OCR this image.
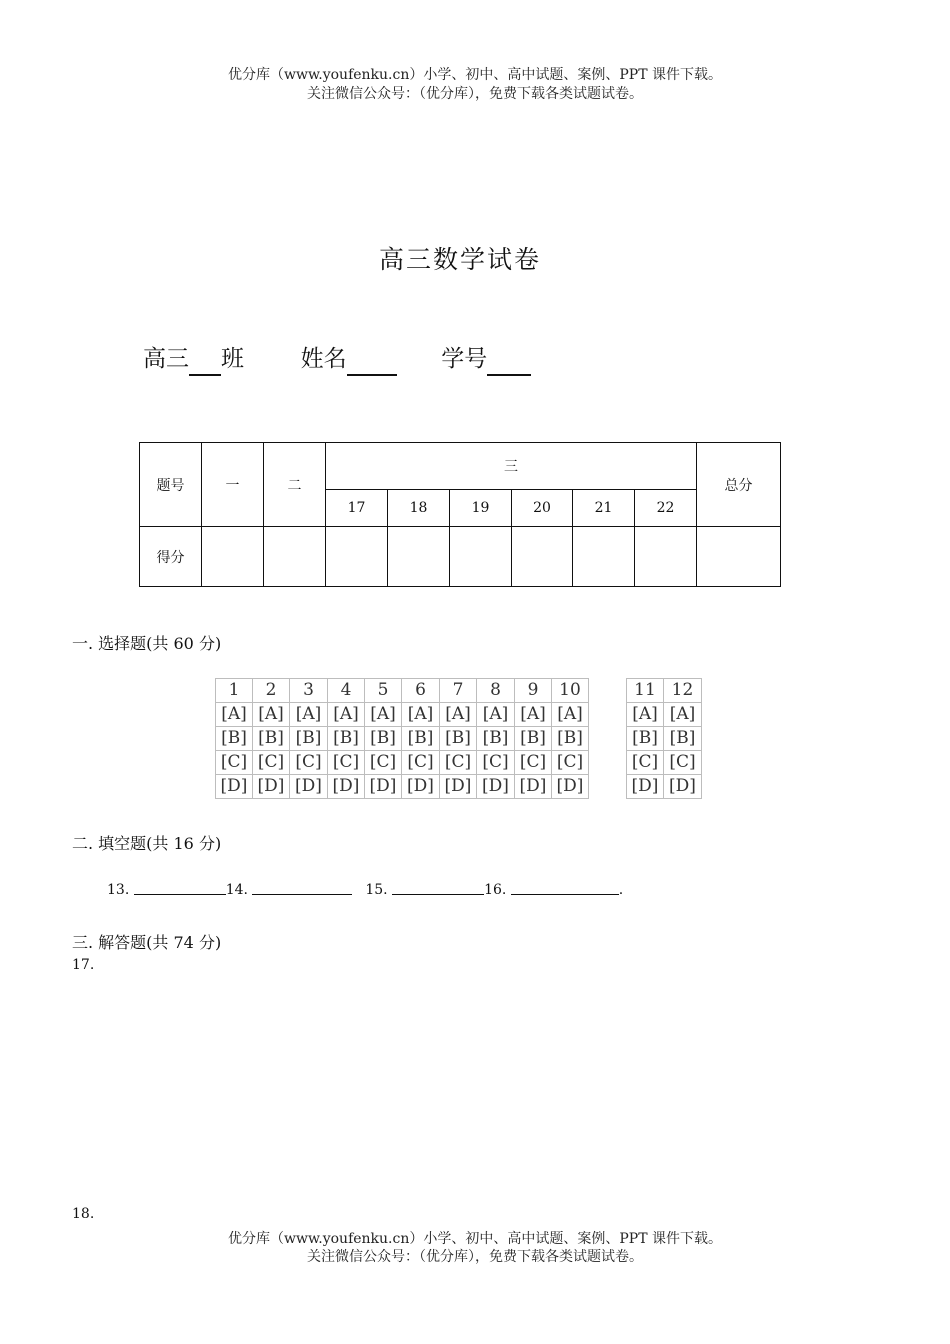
优分库（www.youfenku.cn）小学、初中、高中试题、案例、PPT 课件下载。
关注微信公众号：（优分库），免费下载各类试题试卷。
高三数学试卷
高三 班 姓名	学号
题号	一	二	三						总分
			17	18	19	20	21	22	
得分									
一. 选择题(共 60 分)
1	2	3	4	5	6	7	8	9	10		11	12
[A]	[A]	[A]	[A]	[A]	[A]	[A]	[A]	[A]	[A]		[A]	[A]
[B]	[B]	[B]	[B]	[B]	[B]	[B]	[B]	[B]	[B]		[B]	[B]
[C]	[C]	[C]	[C]	[C]	[C]	[C]	[C]	[C]	[C]		[C]	[C]
[D]	[D]	[D]	[D]	[D]	[D]	[D]	[D]	[D]	[D]		[D]	[D]
二. 填空题(共 16 分)
13.	14.	15.	16.	.
三. 解答题(共 74 分)
17.
18.
优分库（www.youfenku.cn）小学、初中、高中试题、案例、PPT 课件下载。
关注微信公众号：（优分库），免费下载各类试题试卷。
